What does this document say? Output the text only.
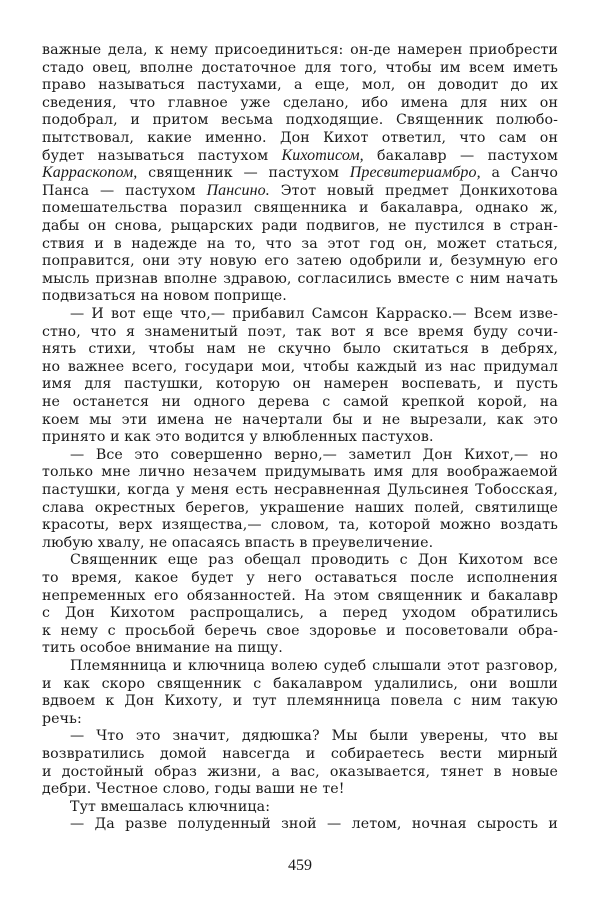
важные дела, к нему присоединиться: он-де намерен приобрести
стадо овец, вполне достаточное для того, чтобы им всем иметь
право называться пастухами, а еще, мол, он доводит до их
сведения, что главное уже сделано, ибо имена для них он
подобрал, и притом весьма подходящие. Священник полюбо-
пытствовал, какие именно. Дон Кихот ответил, что сам он
будет называться пастухом Кихотисом, бакалавр — пастухом
Карраскоnом, священник — пастухом Пресвитериамбро, а Санчо
Панса — пастухом Пансино. Этот новый предмет Донкихотова
помешательства поразил священника и бакалавра, однако ж,
дабы он снова, рыцарских ради подвигов, не пустился в стран-
ствия и в надежде на то, что за этот год он, может статься,
поправится, они эту новую его затею одобрили и, безумную его
мысль признав вполне здравою, согласились вместе с ним начать
подвизаться на новом поприще.
— И вот еще что,— прибавил Самсон Карраско.— Всем изве-
стно, что я знаменитый поэт, так вот я все время буду сочи-
нять стихи, чтобы нам не скучно было скитаться в дебрях,
но важнее всего, государи мои, чтобы каждый из нас придумал
имя для пастушки, которую он намерен воспевать, и пусть
не останется ни одного дерева с самой крепкой корой, на
коем мы эти имена не начертали бы и не вырезали, как это
принято и как это водится у влюбленных пастухов.
— Все это совершенно верно,— заметил Дон Кихот,— но
только мне лично незачем придумывать имя для воображаемой
пастушки, когда у меня есть несравненная Дульсинея Тобосская,
слава окрестных берегов, украшение наших полей, святилище
красоты, верх изящества,— словом, та, которой можно воздать
любую хвалу, не опасаясь впасть в преувеличение.
Священник еще раз обещал проводить с Дон Кихотом все
то время, какое будет у него оставаться после исполнения
непременных его обязанностей. На этом священник и бакалавр
с Дон Кихотом распрощались, а перед уходом обратились
к нему с просьбой беречь свое здоровье и посоветовали обра-
тить особое внимание на пищу.
Племянница и ключница волею судеб слышали этот разговор,
и как скоро священник с бакалавром удалились, они вошли
вдвоем к Дон Кихоту, и тут племянница повела с ним такую
речь:
— Что это значит, дядюшка? Мы были уверены, что вы
возвратились домой навсегда и собираетесь вести мирный
и достойный образ жизни, а вас, оказывается, тянет в новые
дебри. Честное слово, годы ваши не те!
Тут вмешалась ключница:
— Да разве полуденный зной — летом, ночная сырость и
459
